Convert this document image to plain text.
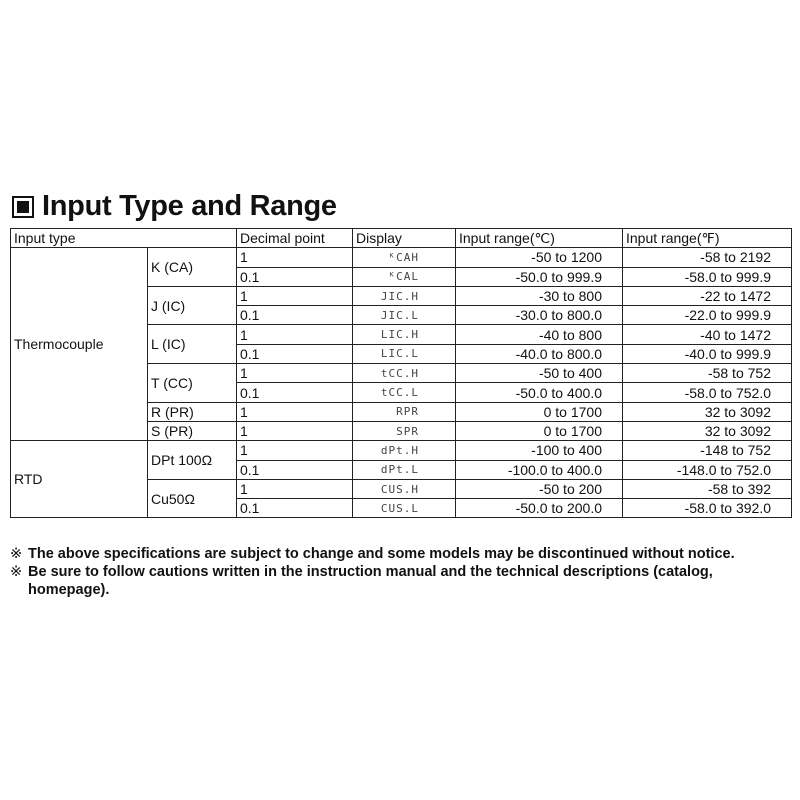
Input Type and Range
Input type		Decimal point	Display	Input range(℃)	Input range(℉)
Thermocouple	K (CA)	1	ᴷCAH	-50 to 1200	-58 to 2192
		0.1	ᴷCAL	-50.0 to 999.9	-58.0 to 999.9
	J (IC)	1	JIC.H	-30 to 800	-22 to 1472
		0.1	JIC.L	-30.0 to 800.0	-22.0 to 999.9
	L (IC)	1	LIC.H	-40 to 800	-40 to 1472
		0.1	LIC.L	-40.0 to 800.0	-40.0 to 999.9
	T (CC)	1	tCC.H	-50 to 400	-58 to 752
		0.1	tCC.L	-50.0 to 400.0	-58.0 to 752.0
	R (PR)	1	RPR	0 to 1700	32 to 3092
	S (PR)	1	SPR	0 to 1700	32 to 3092
RTD	DPt 100Ω	1	dPt.H	-100 to 400	-148 to 752
		0.1	dPt.L	-100.0 to 400.0	-148.0 to 752.0
	Cu50Ω	1	CUS.H	-50 to 200	-58 to 392
		0.1	CUS.L	-50.0 to 200.0	-58.0 to 392.0
※ The above specifications are subject to change and some models may be discontinued without notice.
※ Be sure to follow cautions written in the instruction manual and the technical descriptions (catalog, homepage).
